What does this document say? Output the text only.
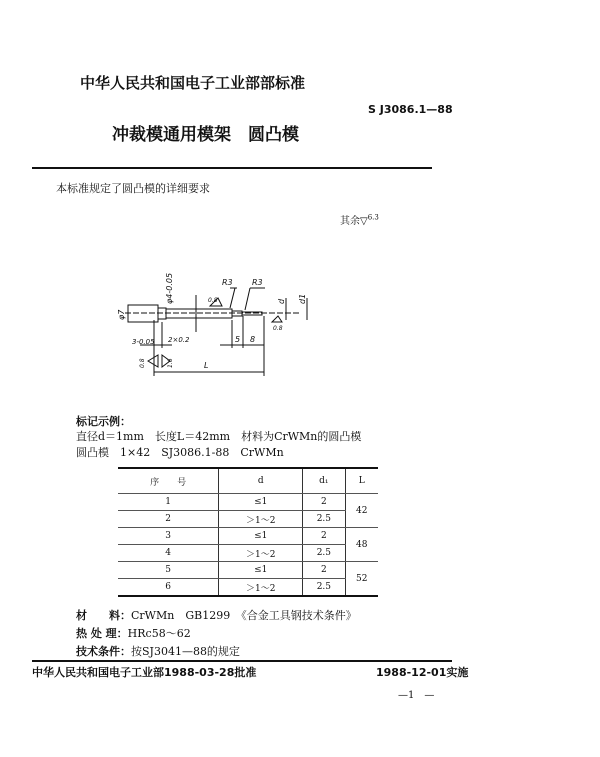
中华人民共和国电子工业部部标准
S J3086.1—88
冲裁模通用模架　圆凸模
本标准规定了圆凸模的详细要求
其余▽$^{6.3}$
φ4-0.05	R3 R3
0.8	d d1
φ7
0.8
3-0.05 2×0.2	5 8
0.8	1.6	L
标记示例：
直径d＝1mm　长度L＝42mm　材料为CrWMn的圆凸模
圆凸模　1×42　SJ3086.1-88　CrWMn
序　　号	d	d₁	L
1	≤1	2	42
2	＞1～2	2.5	
3	≤1	2	48
4	＞1～2	2.5	
5	≤1	2	52
6	＞1～2	2.5	
材　　料：CrWMn　GB1299　《合金工具钢技术条件》
热 处 理：HRc58～62
技术条件：按SJ3041—88的规定
中华人民共和国电子工业部1988-03-28批准	1988-12-01实施
—1　—
